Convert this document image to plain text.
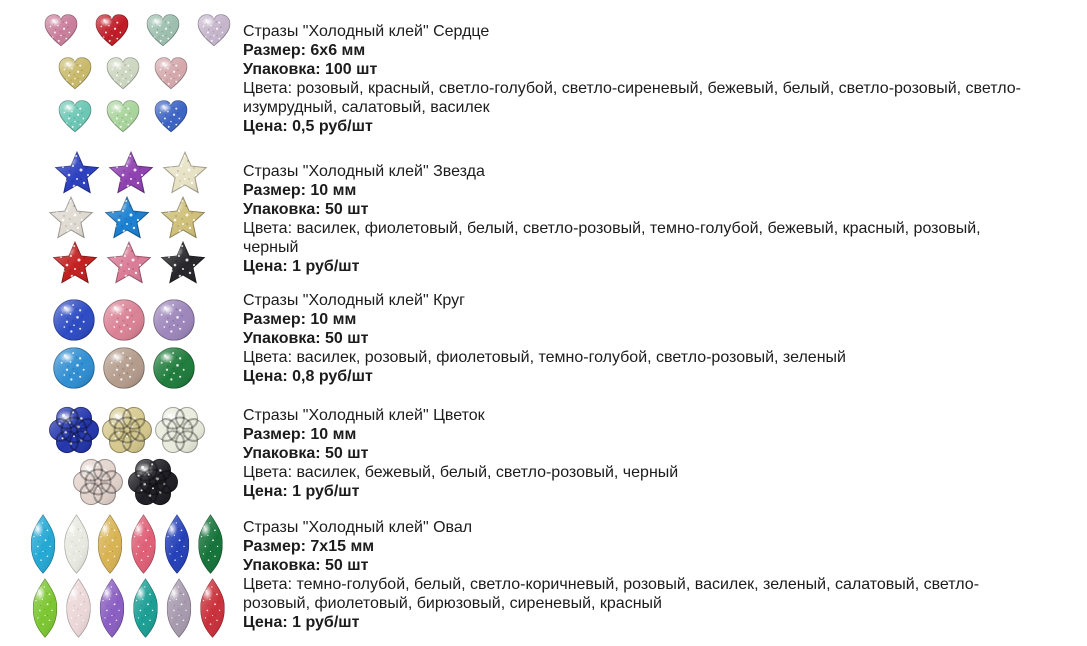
Стразы "Холодный клей" Сердце

Размер: 6х6 мм

Упаковка: 100 шт

Цвета: розовый, красный, светло-голубой, светло-сиреневый, бежевый, белый, светло-розовый, светло-изумрудный, салатовый, василек

Цена: 0,5 руб/шт

Стразы "Холодный клей" Звезда

Размер: 10 мм

Упаковка: 50 шт

Цвета: василек, фиолетовый, белый, светло-розовый, темно-голубой, бежевый, красный, розовый, черный

Цена: 1 руб/шт

Стразы "Холодный клей" Круг

Размер: 10 мм

Упаковка: 50 шт

Цвета: василек, розовый, фиолетовый, темно-голубой, светло-розовый, зеленый

Цена: 0,8 руб/шт

Стразы "Холодный клей" Цветок

Размер: 10 мм

Упаковка: 50 шт

Цвета: василек, бежевый, белый, светло-розовый, черный

Цена: 1 руб/шт

Стразы "Холодный клей" Овал

Размер: 7х15 мм

Упаковка: 50 шт

Цвета: темно-голубой, белый, светло-коричневый, розовый, василек, зеленый, салатовый, светло-розовый, фиолетовый, бирюзовый, сиреневый, красный

Цена: 1 руб/шт
